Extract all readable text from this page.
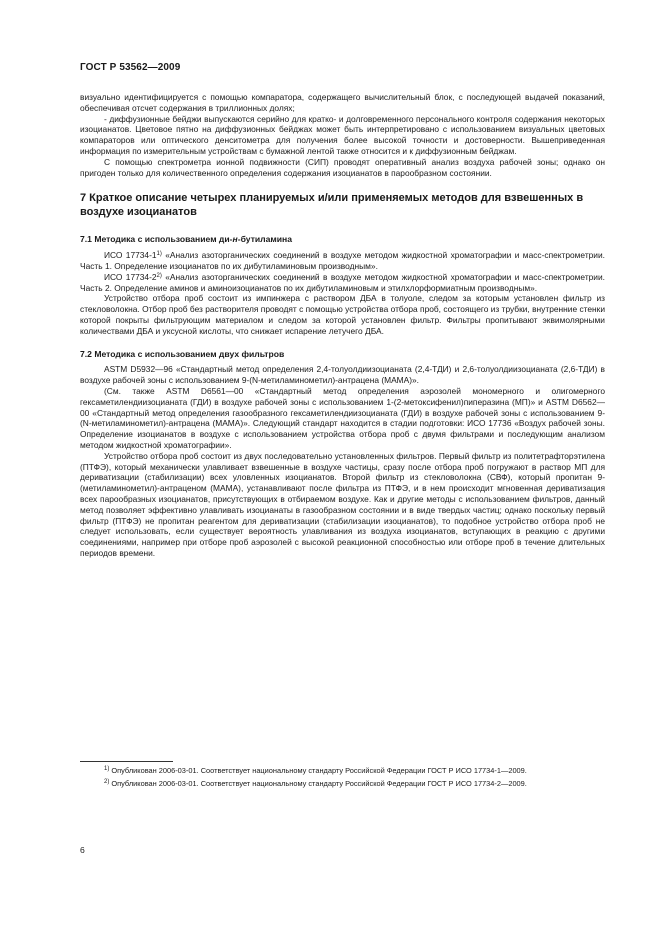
ГОСТ Р 53562—2009

визуально идентифицируется с помощью компаратора, содержащего вычислительный блок, с последующей выдачей показаний, обеспечивая отсчет содержания в триллионных долях;

- диффузионные бейджи выпускаются серийно для кратко- и долговременного персонального контроля содержания некоторых изоцианатов. Цветовое пятно на диффузионных бейджах может быть интерпретировано с использованием визуальных цветовых компараторов или оптического денситометра для получения более высокой точности и достоверности. Вышеприведенная информация по измерительным устройствам с бумажной лентой также относится и к диффузионным бейджам.

С помощью спектрометра ионной подвижности (СИП) проводят оперативный анализ воздуха рабочей зоны; однако он пригоден только для количественного определения содержания изоцианатов в парообразном состоянии.

7 Краткое описание четырех планируемых и/или применяемых методов для взвешенных в воздухе изоцианатов
7.1 Методика с использованием ди-н-бутиламина

ИСО 17734-1$^{1)}$ «Анализ азоторганических соединений в воздухе методом жидкостной хроматографии и масс-спектрометрии. Часть 1. Определение изоцианатов по их дибутиламиновым производным».

ИСО 17734-2$^{2)}$ «Анализ азоторганических соединений в воздухе методом жидкостной хроматографии и масс-спектрометрии. Часть 2. Определение аминов и аминоизоцианатов по их дибутиламиновым и этилхлорформиатным производным».

Устройство отбора проб состоит из импинжера с раствором ДБА в толуоле, следом за которым установлен фильтр из стекловолокна. Отбор проб без растворителя проводят с помощью устройства отбора проб, состоящего из трубки, внутренние стенки которой покрыты фильтрующим материалом и следом за которой установлен фильтр. Фильтры пропитывают эквимолярными количествами ДБА и уксусной кислоты, что снижает испарение летучего ДБА.

7.2 Методика с использованием двух фильтров

ASTM D5932—96 «Стандартный метод определения 2,4-толуолдиизоцианата (2,4-ТДИ) и 2,6-толуолдиизоцианата (2,6-ТДИ) в воздухе рабочей зоны с использованием 9-(N-метиламинометил)-антрацена (МАМА)».

(См. также ASTM D6561—00 «Стандартный метод определения аэрозолей мономерного и олигомерного гексаметилендиизоцианата (ГДИ) в воздухе рабочей зоны с использованием 1-(2-метоксифенил)пиперазина (МП)» и ASTM D6562—00 «Стандартный метод определения газообразного гексаметилендиизоцианата (ГДИ) в воздухе рабочей зоны с использованием 9-(N-метиламинометил)-антрацена (МАМА)». Следующий стандарт находится в стадии подготовки: ИСО 17736 «Воздух рабочей зоны. Определение изоцианатов в воздухе с использованием устройства отбора проб с двумя фильтрами и последующим анализом методом жидкостной хроматографии».

Устройство отбора проб состоит из двух последовательно установленных фильтров. Первый фильтр из политетрафторэтилена (ПТФЭ), который механически улавливает взвешенные в воздухе частицы, сразу после отбора проб погружают в раствор МП для дериватизации (стабилизации) всех уловленных изоцианатов. Второй фильтр из стекловолокна (СВФ), который пропитан 9-(метиламинометил)-антраценом (МАМА), устанавливают после фильтра из ПТФЭ, и в нем происходит мгновенная дериватизация всех парообразных изоцианатов, присутствующих в отбираемом воздухе. Как и другие методы с использованием фильтров, данный метод позволяет эффективно улавливать изоцианаты в газообразном состоянии и в виде твердых частиц; однако поскольку первый фильтр (ПТФЭ) не пропитан реагентом для дериватизации (стабилизации изоцианатов), то подобное устройство отбора проб не следует использовать, если существует вероятность улавливания из воздуха изоцианатов, вступающих в реакцию с другими соединениями, например при отборе проб аэрозолей с высокой реакционной способностью или отборе проб в течение длительных периодов времени.

$^{1)}$ Опубликован 2006-03-01. Соответствует национальному стандарту Российской Федерации ГОСТ Р ИСО 17734-1—2009.

$^{2)}$ Опубликован 2006-03-01. Соответствует национальному стандарту Российской Федерации ГОСТ Р ИСО 17734-2—2009.

6
